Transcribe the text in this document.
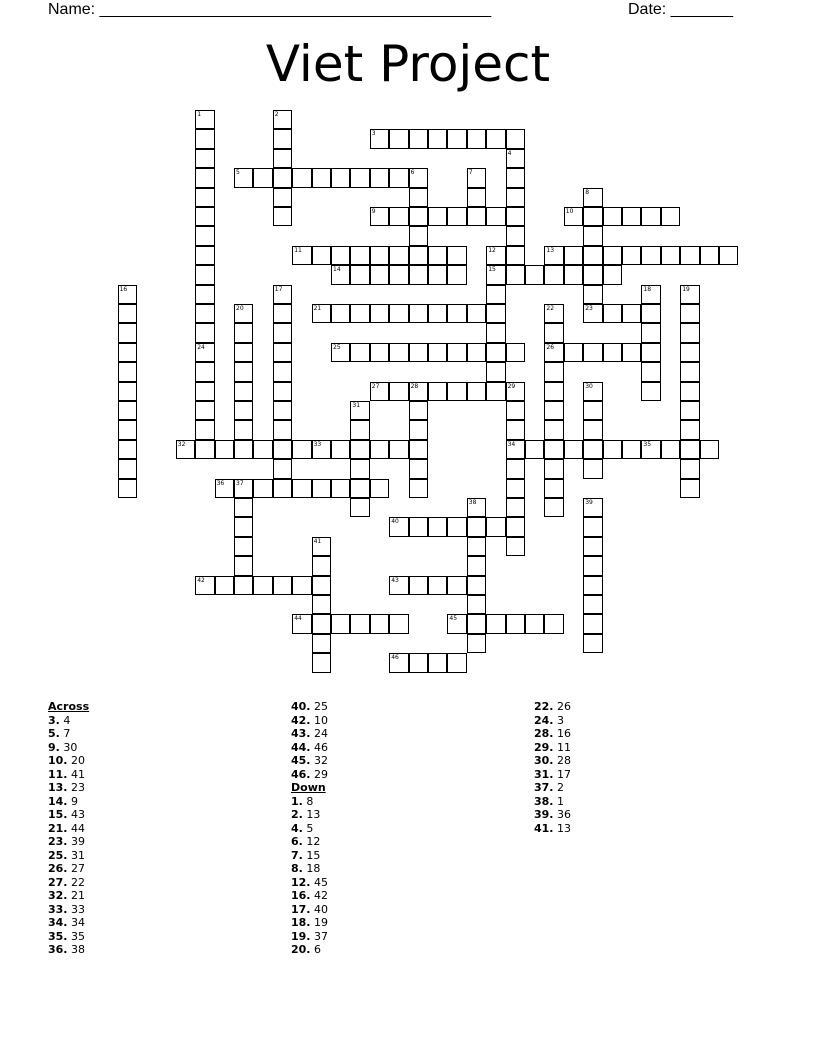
Name: ____________________________________________	Date: _______
Viet Project
3
5
9	10
11	13
14	15
21	23
25	26
27	28
32	33	34	35
36 37
40
42	43
44	45
46
1	2
4
6	7
8
12
16	17	18	19
20	22
24
29	30
31
38	39
41
Across
3. 4
5. 7
9. 30
10. 20
11. 41
13. 23
14. 9
15. 43
21. 44
23. 39
25. 31
26. 27
27. 22
32. 21
33. 33
34. 34
35. 35
36. 38
40. 25
42. 10
43. 24
44. 46
45. 32
46. 29
Down
1. 8
2. 13
4. 5
6. 12
7. 15
8. 18
12. 45
16. 42
17. 40
18. 19
19. 37
20. 6
22. 26
24. 3
28. 16
29. 11
30. 28
31. 17
37. 2
38. 1
39. 36
41. 13
